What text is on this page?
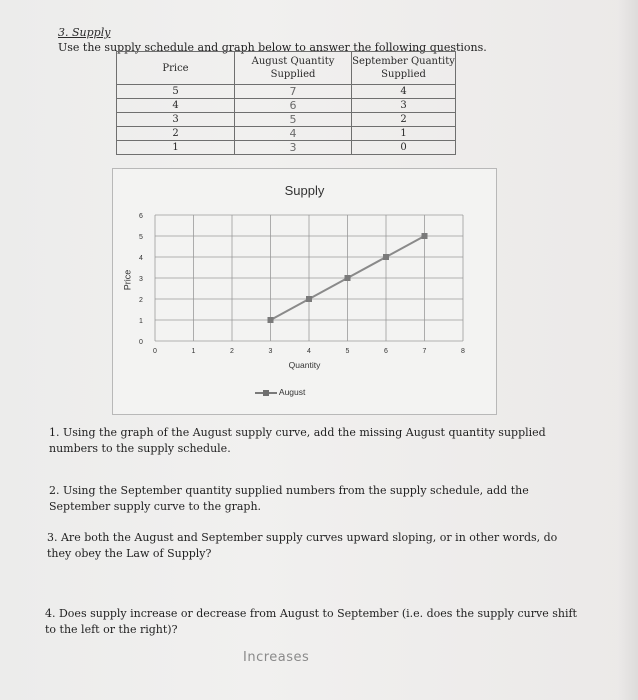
3. Supply
Use the supply schedule and graph below to answer the following questions.
Price	August Quantity Supplied	September Quantity Supplied
5	7	4
4	6	3
3	5	2
2	4	1
1	3	0
Supply
Price
0
1
2
3
4
5
6
0	1	2	3	4	5	6	7	8
Quantity
August
1. Using the graph of the August supply curve, add the missing August quantity supplied numbers to the supply schedule.
2. Using the September quantity supplied numbers from the supply schedule, add the September supply curve to the graph.
3. Are both the August and September supply curves upward sloping, or in other words, do they obey the Law of Supply?
4. Does supply increase or decrease from August to September (i.e. does the supply curve shift to the left or the right)?
Increases
